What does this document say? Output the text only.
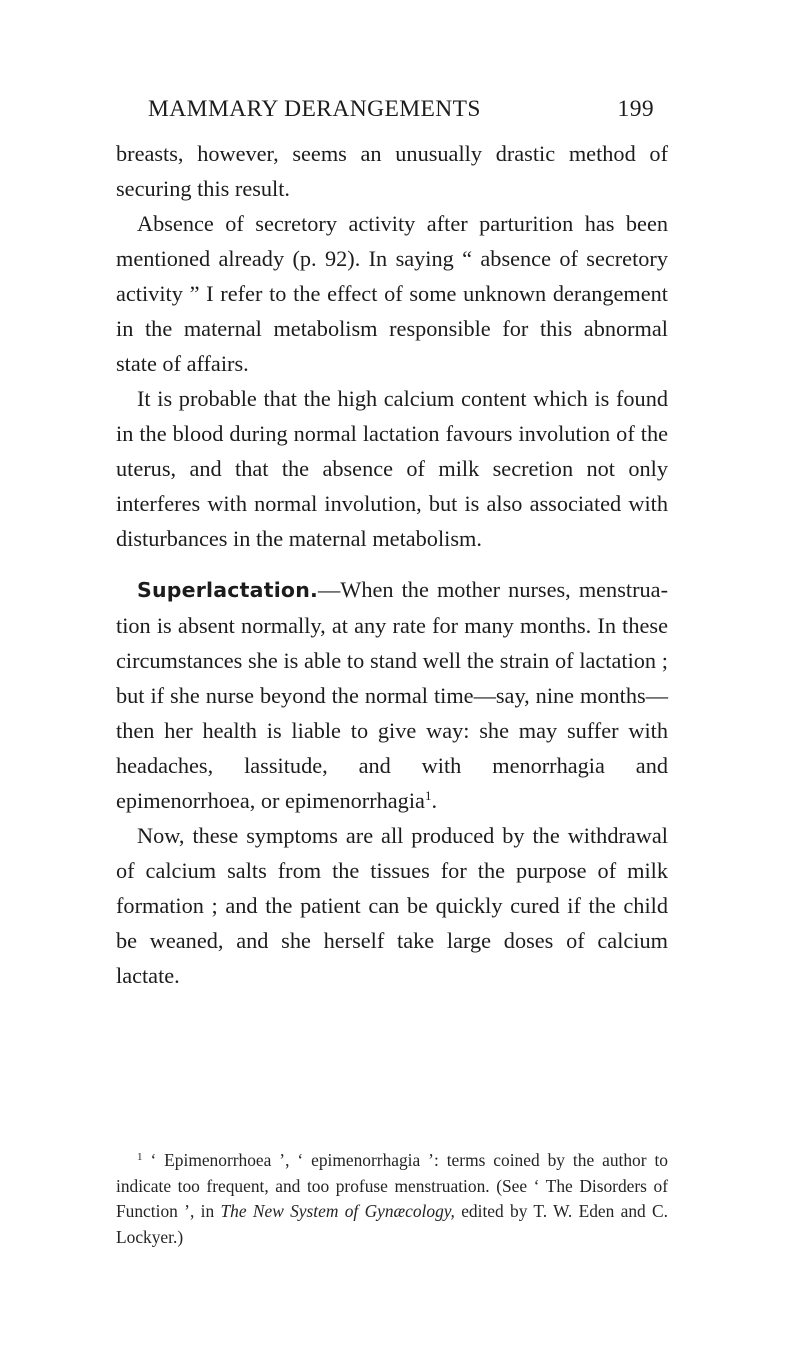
MAMMARY DERANGEMENTS	199

breasts, however, seems an unusually drastic method of securing this result.

Absence of secretory activity after parturition has been mentioned already (p. 92). In saying “ absence of secretory activity ” I refer to the effect of some unknown derangement in the maternal metabolism responsible for this abnormal state of affairs.

It is probable that the high calcium content which is found in the blood during normal lactation favours involution of the uterus, and that the absence of milk secretion not only interferes with normal involution, but is also associated with disturbances in the maternal metabolism.

Superlactation.—When the mother nurses, menstruation is absent normally, at any rate for many months. In these circumstances she is able to stand well the strain of lactation ; but if she nurse beyond the normal time—say, nine months—then her health is liable to give way: she may suffer with headaches, lassitude, and with menorrhagia and epimenorrhoea, or epimenorrhagia$^1$.

Now, these symptoms are all produced by the withdrawal of calcium salts from the tissues for the purpose of milk formation ; and the patient can be quickly cured if the child be weaned, and she herself take large doses of calcium lactate.

$^1$ ‘ Epimenorrhoea ’, ‘ epimenorrhagia ’: terms coined by the author to indicate too frequent, and too profuse menstruation. (See ‘ The Disorders of Function ’, in The New System of Gynæcology, edited by T. W. Eden and C. Lockyer.)
